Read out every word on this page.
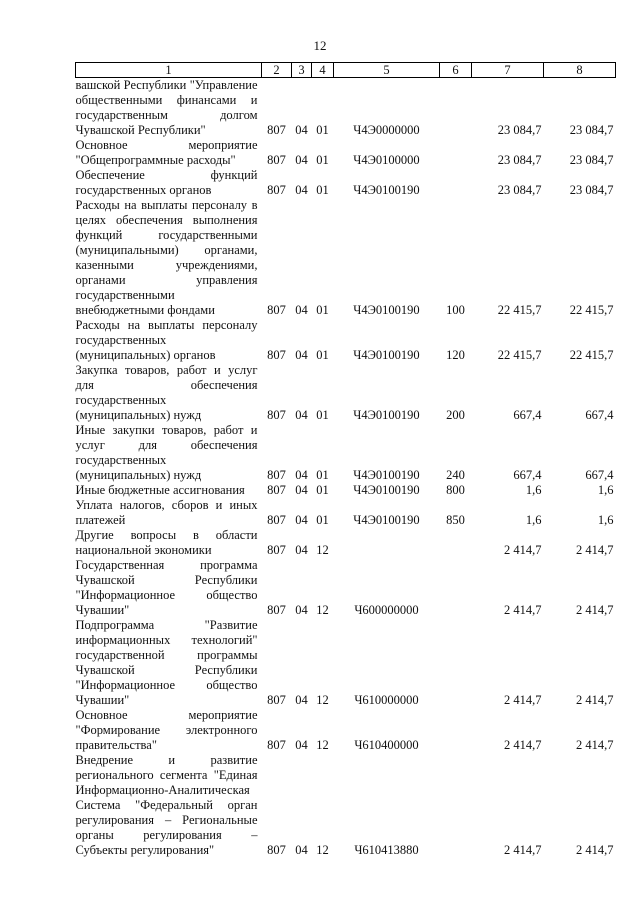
12
1	2	3	4	5	6	7	8
вашской Республики "Управление общественными финансами и государственным долгом Чувашской Республики"	807	04	01	Ч4Э0000000		23 084,7	23 084,7
Основное мероприятие "Общепрограммные расходы"	807	04	01	Ч4Э0100000		23 084,7	23 084,7
Обеспечение функций государственных органов	807	04	01	Ч4Э0100190		23 084,7	23 084,7
Расходы на выплаты персоналу в целях обеспечения выполнения функций государственными (муниципальными) органами, казенными учреждениями, органами управления государственными внебюджетными фондами	807	04	01	Ч4Э0100190	100	22 415,7	22 415,7
Расходы на выплаты персоналу государственных (муниципальных) органов	807	04	01	Ч4Э0100190	120	22 415,7	22 415,7
Закупка товаров, работ и услуг для обеспечения государственных (муниципальных) нужд	807	04	01	Ч4Э0100190	200	667,4	667,4
Иные закупки товаров, работ и услуг для обеспечения государственных (муниципальных) нужд	807	04	01	Ч4Э0100190	240	667,4	667,4
Иные бюджетные ассигнования	807	04	01	Ч4Э0100190	800	1,6	1,6
Уплата налогов, сборов и иных платежей	807	04	01	Ч4Э0100190	850	1,6	1,6
Другие вопросы в области национальной экономики	807	04	12			2 414,7	2 414,7
Государственная программа Чувашской Республики "Информационное общество Чувашии"	807	04	12	Ч600000000		2 414,7	2 414,7
Подпрограмма "Развитие информационных технологий" государственной программы Чувашской Республики "Информационное общество Чувашии"	807	04	12	Ч610000000		2 414,7	2 414,7
Основное мероприятие "Формирование электронного правительства"	807	04	12	Ч610400000		2 414,7	2 414,7
Внедрение и развитие регионального сегмента "Единая Информационно-Аналитическая Система "Федеральный орган регулирования – Региональные органы регулирования – Субъекты регулирования"	807	04	12	Ч610413880		2 414,7	2 414,7
